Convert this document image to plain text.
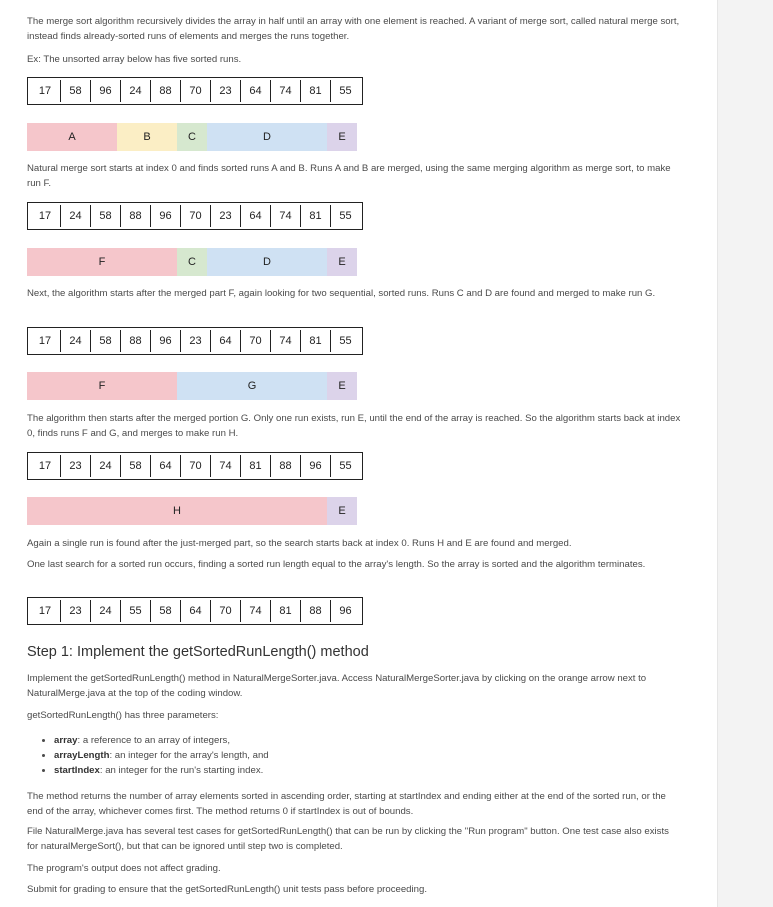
The merge sort algorithm recursively divides the array in half until an array with one element is reached. A variant of merge sort, called natural merge sort, instead finds already-sorted runs of elements and merges the runs together.

Ex: The unsorted array below has five sorted runs.

17	58	96	24	88	70	23	64	74	81	55
A	B	C	D	E

Natural merge sort starts at index 0 and finds sorted runs A and B. Runs A and B are merged, using the same merging algorithm as merge sort, to make run F.

17	24	58	88	96	70	23	64	74	81	55
F	C	D	E

Next, the algorithm starts after the merged part F, again looking for two sequential, sorted runs. Runs C and D are found and merged to make run G.

17	24	58	88	96	23	64	70	74	81	55
F	G	E

The algorithm then starts after the merged portion G. Only one run exists, run E, until the end of the array is reached. So the algorithm starts back at index 0, finds runs F and G, and merges to make run H.

17	23	24	58	64	70	74	81	88	96	55
H	E

Again a single run is found after the just-merged part, so the search starts back at index 0. Runs H and E are found and merged.

One last search for a sorted run occurs, finding a sorted run length equal to the array's length. So the array is sorted and the algorithm terminates.

17	23	24	55	58	64	70	74	81	88	96
Step 1: Implement the getSortedRunLength() method

Implement the getSortedRunLength() method in NaturalMergeSorter.java. Access NaturalMergeSorter.java by clicking on the orange arrow next to NaturalMerge.java at the top of the coding window.

getSortedRunLength() has three parameters:

• array: a reference to an array of integers,
• arrayLength: an integer for the array's length, and
• startIndex: an integer for the run's starting index.

The method returns the number of array elements sorted in ascending order, starting at startIndex and ending either at the end of the sorted run, or the end of the array, whichever comes first. The method returns 0 if startIndex is out of bounds.

File NaturalMerge.java has several test cases for getSortedRunLength() that can be run by clicking the "Run program" button. One test case also exists for naturalMergeSort(), but that can be ignored until step two is completed.

The program's output does not affect grading.

Submit for grading to ensure that the getSortedRunLength() unit tests pass before proceeding.
